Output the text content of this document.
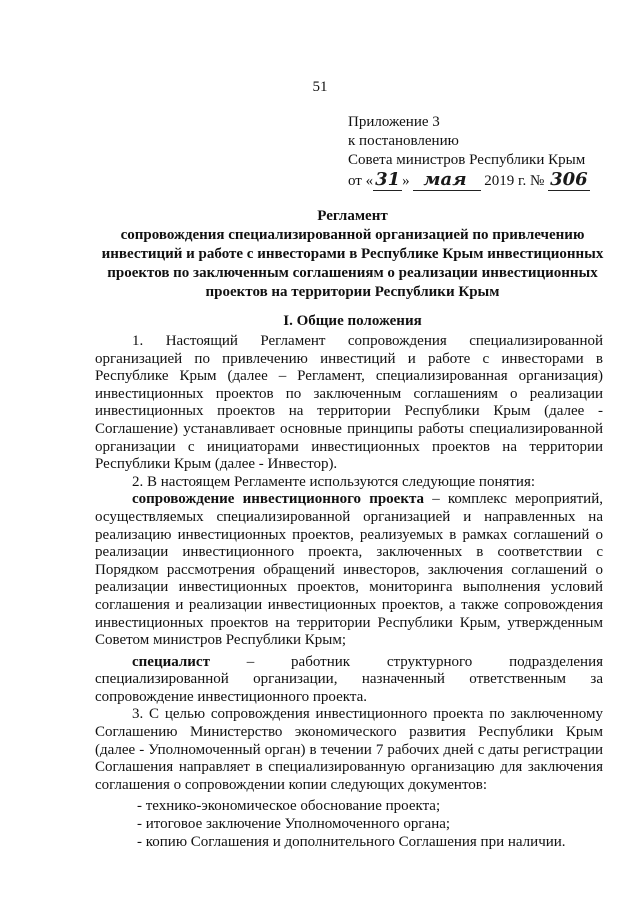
51
Приложение 3
к постановлению
Совета министров Республики Крым
от « 31 » мая 2019 г. № 306
Регламент
сопровождения специализированной организацией по привлечению
инвестиций и работе с инвесторами в Республике Крым инвестиционных
проектов по заключенным соглашениям о реализации инвестиционных
проектов на территории Республики Крым
I. Общие положения

1. Настоящий Регламент сопровождения специализированной организацией по привлечению инвестиций и работе с инвесторами в Республике Крым (далее – Регламент, специализированная организация) инвестиционных проектов по заключенным соглашениям о реализации инвестиционных проектов на территории Республики Крым (далее - Соглашение) устанавливает основные принципы работы специализированной организации с инициаторами инвестиционных проектов на территории Республики Крым (далее - Инвестор).

2. В настоящем Регламенте используются следующие понятия:

сопровождение инвестиционного проекта – комплекс мероприятий, осуществляемых специализированной организацией и направленных на реализацию инвестиционных проектов, реализуемых в рамках соглашений о реализации инвестиционного проекта, заключенных в соответствии с Порядком рассмотрения обращений инвесторов, заключения соглашений о реализации инвестиционных проектов, мониторинга выполнения условий соглашения и реализации инвестиционных проектов, а также сопровождения инвестиционных проектов на территории Республики Крым, утвержденным Советом министров Республики Крым;

специалист – работник структурного подразделения специализированной организации, назначенный ответственным за сопровождение инвестиционного проекта.

3. С целью сопровождения инвестиционного проекта по заключенному Соглашению Министерство экономического развития Республики Крым (далее - Уполномоченный орган) в течении 7 рабочих дней с даты регистрации Соглашения направляет в специализированную организацию для заключения соглашения о сопровождении копии следующих документов:

- технико-экономическое обоснование проекта;

- итоговое заключение Уполномоченного органа;

- копию Соглашения и дополнительного Соглашения при наличии.
